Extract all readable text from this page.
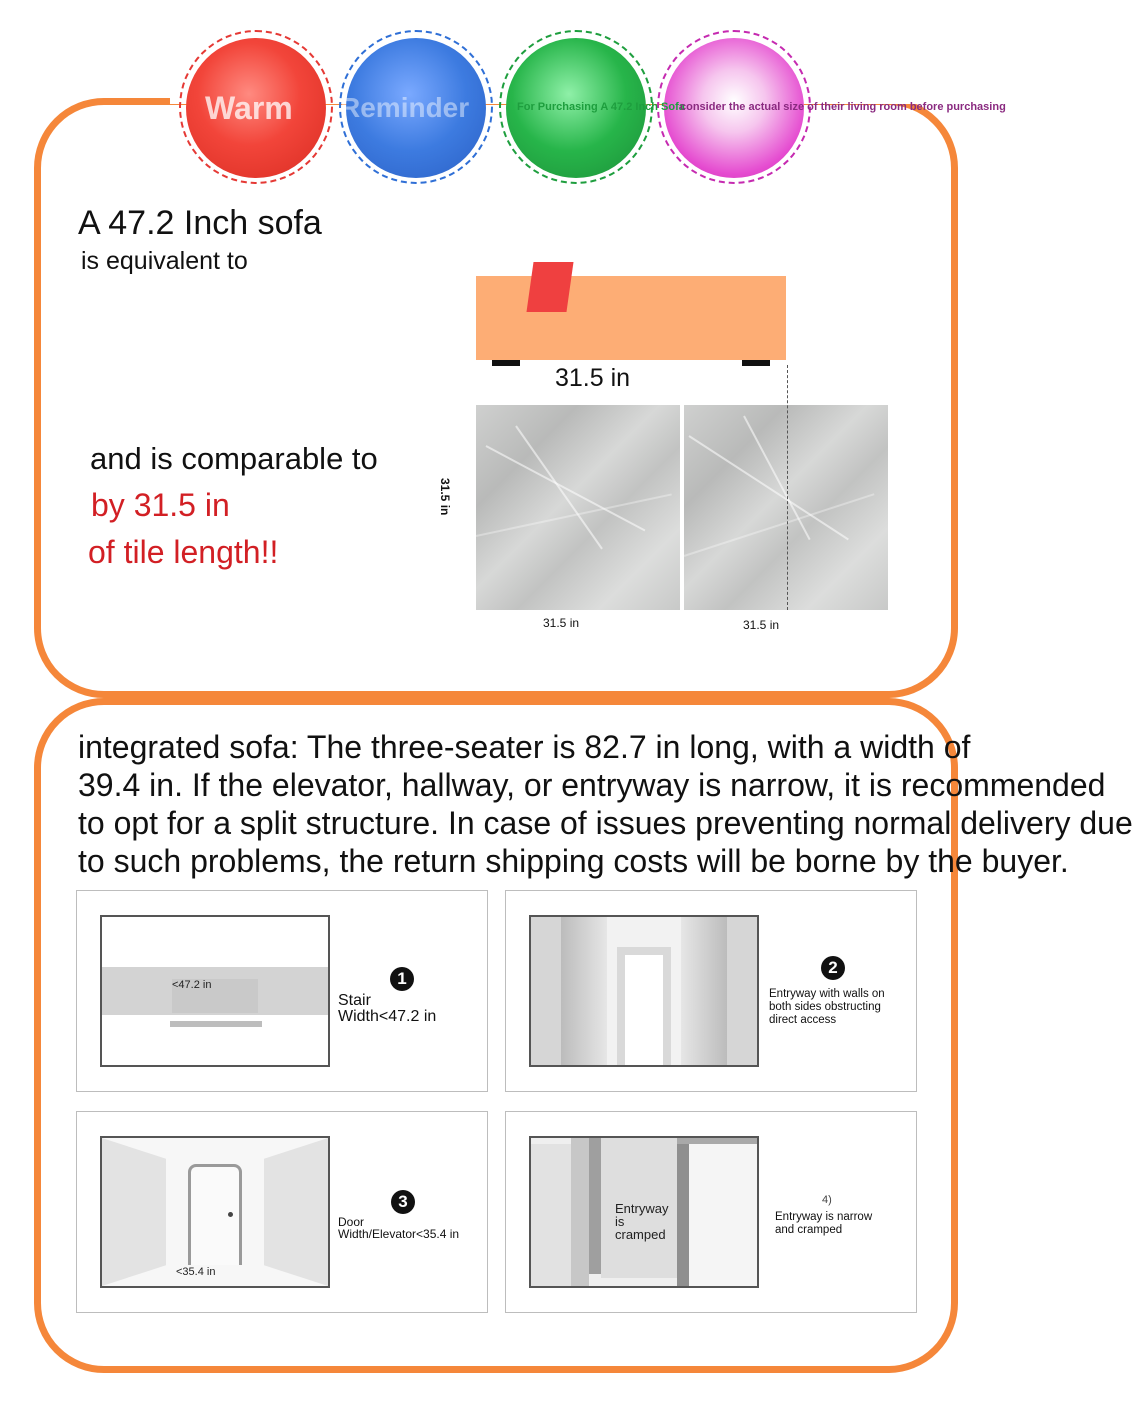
Warm Reminder	For Purchasing A 47.2 Inch Sofa
consider the actual size of their living room before purchasing
A 47.2 Inch sofa
is equivalent to
31.5 in
31.5 in
31.5 in	31.5 in
and is comparable to
by 31.5 in
of tile length!!
integrated sofa: The three-seater is 82.7 in long, with a width of
39.4 in. If the elevator, hallway, or entryway is narrow, it is recommended
to opt for a split structure. In case of issues preventing normal delivery due
to such problems, the return shipping costs will be borne by the buyer.
<47.2 in	1
Stair
Width<47.2 in
2
Entryway with walls on
both sides obstructing
direct access
<35.4 in
3
Door
Width/Elevator<35.4 in
Entryway
is
cramped
4)
Entryway is narrow
and cramped
